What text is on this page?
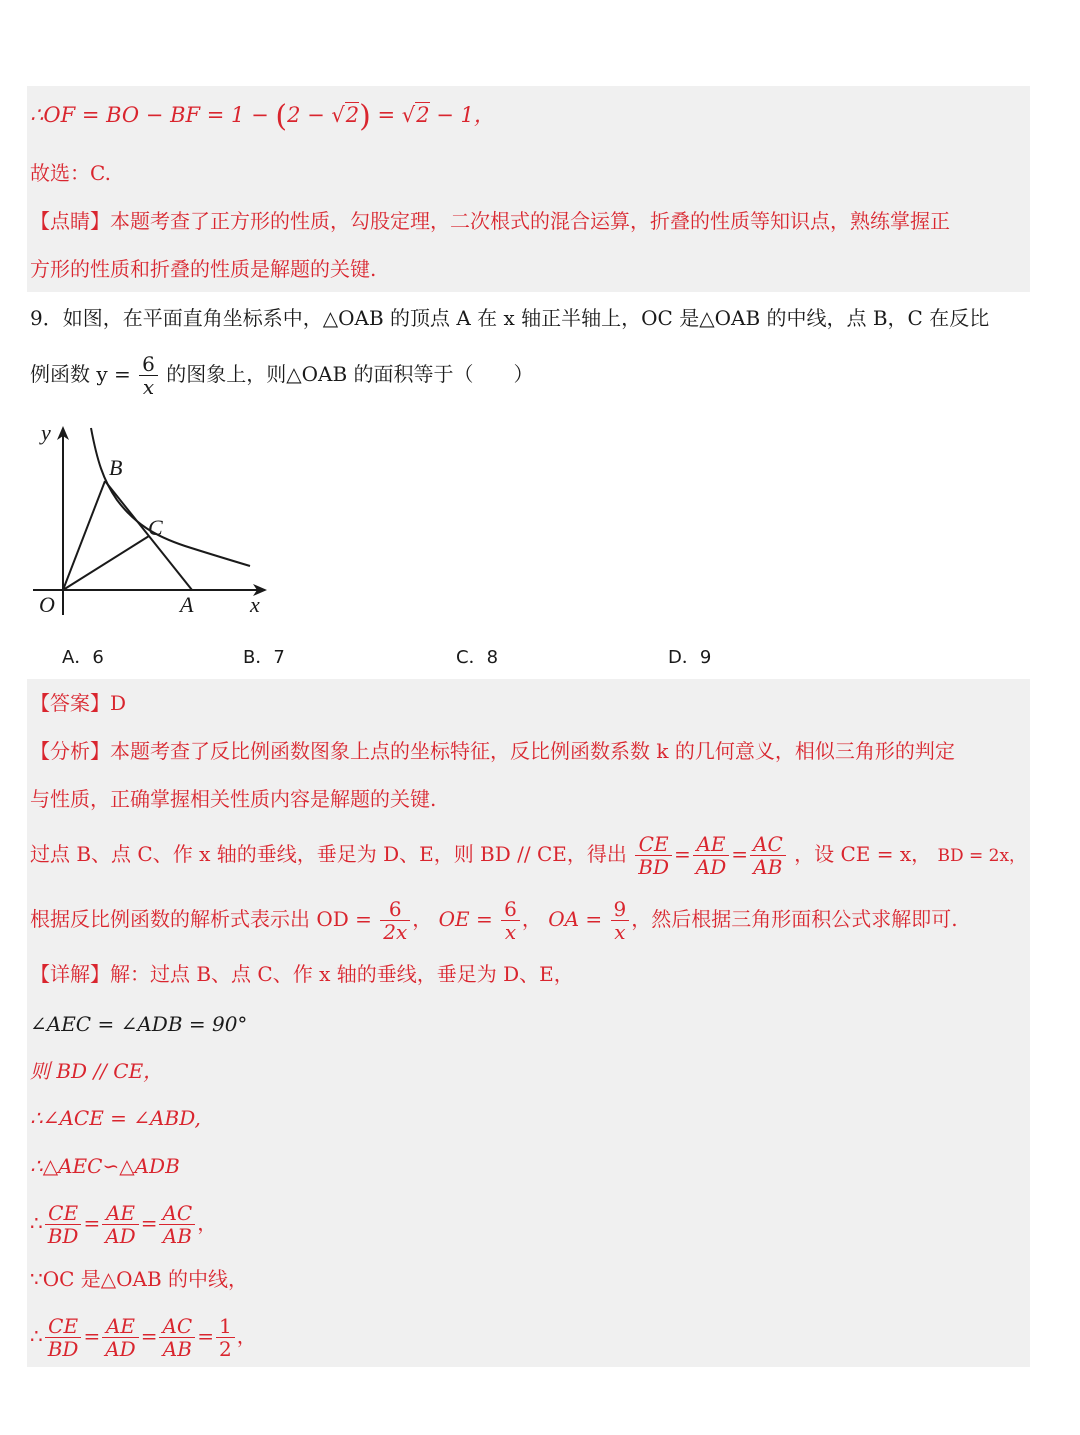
∴OF = BO − BF = 1 − (2 − √2) = √2 − 1，
故选：C.
【点睛】本题考查了正方形的性质，勾股定理，二次根式的混合运算，折叠的性质等知识点，熟练掌握正
方形的性质和折叠的性质是解题的关键.
9．如图，在平面直角坐标系中，△OAB 的顶点 A 在 x 轴正半轴上，OC 是△OAB 的中线，点 B，C 在反比
例函数 $y = \frac{6}{x}$ 的图象上，则△OAB 的面积等于（　　）
y
B
C
O	A	x
A．6	B．7	C．8	D．9
【答案】D
【分析】本题考查了反比例函数图象上点的坐标特征，反比例函数系数 k 的几何意义，相似三角形的判定
与性质，正确掌握相关性质内容是解题的关键.
过点 B、点 C、作 x 轴的垂线，垂足为 D、E，则 BD // CE，得出 $\frac{CE}{BD} = \frac{AE}{AD} = \frac{AC}{AB}$ ，设 CE = x， BD = 2x，
根据反比例函数的解析式表示出 OD = $\frac{6}{2x}$ ， OE = $\frac{6}{x}$ ， OA = $\frac{9}{x}$ ，然后根据三角形面积公式求解即可.
【详解】解：过点 B、点 C、作 x 轴的垂线，垂足为 D、E，
∠AEC = ∠ADB = 90°
则 BD // CE，
∴∠ACE = ∠ABD,
∴△AEC∽△ADB
∴ $\frac{CE}{BD} = \frac{AE}{AD} = \frac{AC}{AB}$ ，
∵OC 是△OAB 的中线，
∴ $\frac{CE}{BD} = \frac{AE}{AD} = \frac{AC}{AB} = \frac{1}{2}$ ，
